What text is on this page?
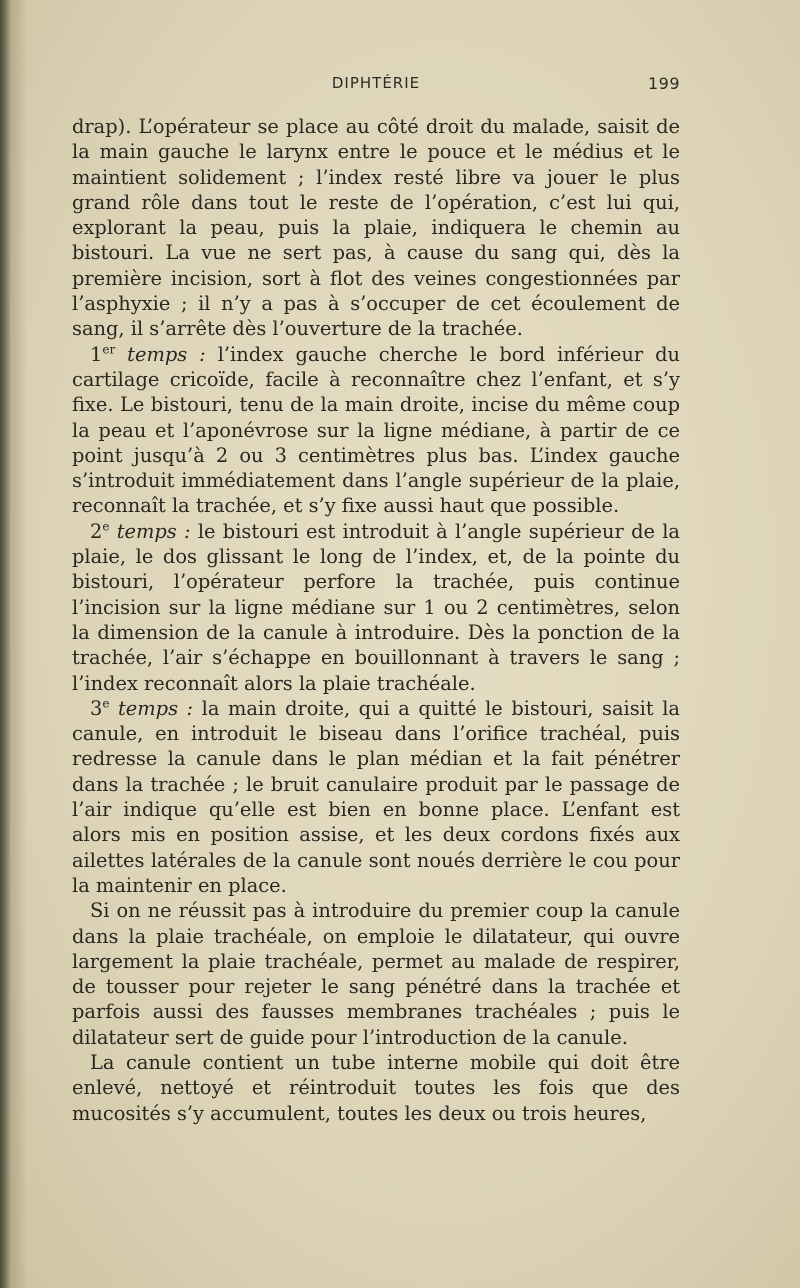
DIPHTÉRIE	199

drap). L’opérateur se place au côté droit du malade, saisit de la main gauche le larynx entre le pouce et le médius et le maintient solidement ; l’index resté libre va jouer le plus grand rôle dans tout le reste de l’opération, c’est lui qui, explorant la peau, puis la plaie, indiquera le chemin au bistouri. La vue ne sert pas, à cause du sang qui, dès la première incision, sort à flot des veines congestionnées par l’asphyxie ; il n’y a pas à s’occuper de cet écoulement de sang, il s’arrête dès l’ouverture de la trachée.

1er temps : l’index gauche cherche le bord inférieur du cartilage cricoïde, facile à reconnaître chez l’enfant, et s’y fixe. Le bistouri, tenu de la main droite, incise du même coup la peau et l’aponévrose sur la ligne médiane, à partir de ce point jusqu’à 2 ou 3 centimètres plus bas. L’index gauche s’introduit immédiatement dans l’angle supérieur de la plaie, reconnaît la trachée, et s’y fixe aussi haut que possible.

2e temps : le bistouri est introduit à l’angle supérieur de la plaie, le dos glissant le long de l’index, et, de la pointe du bistouri, l’opérateur perfore la trachée, puis continue l’incision sur la ligne médiane sur 1 ou 2 centimètres, selon la dimension de la canule à introduire. Dès la ponction de la trachée, l’air s’échappe en bouillonnant à travers le sang ; l’index reconnaît alors la plaie trachéale.

3e temps : la main droite, qui a quitté le bistouri, saisit la canule, en introduit le biseau dans l’orifice trachéal, puis redresse la canule dans le plan médian et la fait pénétrer dans la trachée ; le bruit canulaire produit par le passage de l’air indique qu’elle est bien en bonne place. L’enfant est alors mis en position assise, et les deux cordons fixés aux ailettes latérales de la canule sont noués derrière le cou pour la maintenir en place.

Si on ne réussit pas à introduire du premier coup la canule dans la plaie trachéale, on emploie le dilatateur, qui ouvre largement la plaie trachéale, permet au malade de respirer, de tousser pour rejeter le sang pénétré dans la trachée et parfois aussi des fausses membranes trachéales ; puis le dilatateur sert de guide pour l’introduction de la canule.

La canule contient un tube interne mobile qui doit être enlevé, nettoyé et réintroduit toutes les fois que des mucosités s’y accumulent, toutes les deux ou trois heures,
